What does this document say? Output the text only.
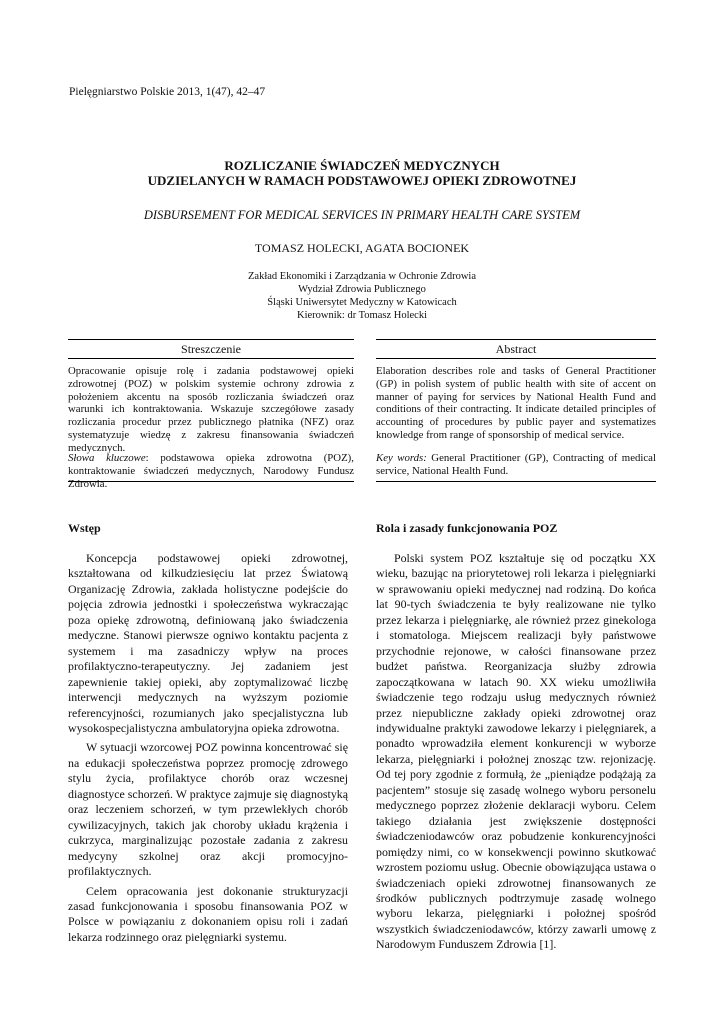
Pielęgniarstwo Polskie 2013, 1(47), 42–47
ROZLICZANIE ŚWIADCZEŃ MEDYCZNYCH
UDZIELANYCH W RAMACH PODSTAWOWEJ OPIEKI ZDROWOTNEJ
DISBURSEMENT FOR MEDICAL SERVICES IN PRIMARY HEALTH CARE SYSTEM
TOMASZ HOLECKI, AGATA BOCIONEK
Zakład Ekonomiki i Zarządzania w Ochronie Zdrowia
Wydział Zdrowia Publicznego
Śląski Uniwersytet Medyczny w Katowicach
Kierownik: dr Tomasz Holecki
Streszczenie	Abstract
Opracowanie opisuje rolę i zadania podstawowej opieki zdrowotnej (POZ) w polskim systemie ochrony zdrowia z położeniem akcentu na sposób rozliczania świadczeń oraz warunki ich kontraktowania. Wskazuje szczegółowe zasady rozliczania procedur przez publicznego płatnika (NFZ) oraz systematyzuje wiedzę z zakresu finansowania świadczeń medycznych.
Elaboration describes role and tasks of General Practitioner (GP) in polish system of public health with site of accent on manner of paying for services by National Health Fund and conditions of their contracting. It indicate detailed principles of accounting of procedures by public payer and systematizes knowledge from range of sponsorship of medical service.
Słowa kluczowe: podstawowa opieka zdrowotna (POZ), kontraktowanie świadczeń medycznych, Narodowy Fundusz Zdrowia.
Key words: General Practitioner (GP), Contracting of medical service, National Health Fund.
Wstęp	Rola i zasady funkcjonowania POZ

Koncepcja podstawowej opieki zdrowotnej, kształtowana od kilkudziesięciu lat przez Światową Organizację Zdrowia, zakłada holistyczne podejście do pojęcia zdrowia jednostki i społeczeństwa wykraczając poza opiekę zdrowotną, definiowaną jako świadczenia medyczne. Stanowi pierwsze ogniwo kontaktu pacjenta z systemem i ma zasadniczy wpływ na proces profilaktyczno-terapeutyczny. Jej zadaniem jest zapewnienie takiej opieki, aby zoptymalizować liczbę interwencji medycznych na wyższym poziomie referencyjności, rozumianych jako specjalistyczna lub wysokospecjalistyczna ambulatoryjna opieka zdrowotna.

W sytuacji wzorcowej POZ powinna koncentrować się na edukacji społeczeństwa poprzez promocję zdrowego stylu życia, profilaktyce chorób oraz wczesnej diagnostyce schorzeń. W praktyce zajmuje się diagnostyką oraz leczeniem schorzeń, w tym przewlekłych chorób cywilizacyjnych, takich jak choroby układu krążenia i cukrzyca, marginalizując pozostałe zadania z zakresu medycyny szkolnej oraz akcji promocyjno-profilaktycznych.

Celem opracowania jest dokonanie strukturyzacji zasad funkcjonowania i sposobu finansowania POZ w Polsce w powiązaniu z dokonaniem opisu roli i zadań lekarza rodzinnego oraz pielęgniarki systemu.

Polski system POZ kształtuje się od początku XX wieku, bazując na priorytetowej roli lekarza i pielęgniarki w sprawowaniu opieki medycznej nad rodziną. Do końca lat 90-tych świadczenia te były realizowane nie tylko przez lekarza i pielęgniarkę, ale również przez ginekologa i stomatologa. Miejscem realizacji były państwowe przychodnie rejonowe, w całości finansowane przez budżet państwa. Reorganizacja służby zdrowia zapoczątkowana w latach 90. XX wieku umożliwiła świadczenie tego rodzaju usług medycznych również przez niepubliczne zakłady opieki zdrowotnej oraz indywidualne praktyki zawodowe lekarzy i pielęgniarek, a ponadto wprowadziła element konkurencji w wyborze lekarza, pielęgniarki i położnej znosząc tzw. rejonizację. Od tej pory zgodnie z formułą, że „pieniądze podążają za pacjentem” stosuje się zasadę wolnego wyboru personelu medycznego poprzez złożenie deklaracji wyboru. Celem takiego działania jest zwiększenie dostępności świadczeniodawców oraz pobudzenie konkurencyjności pomiędzy nimi, co w konsekwencji powinno skutkować wzrostem poziomu usług. Obecnie obowiązująca ustawa o świadczeniach opieki zdrowotnej finansowanych ze środków publicznych podtrzymuje zasadę wolnego wyboru lekarza, pielęgniarki i położnej spośród wszystkich świadczeniodawców, którzy zawarli umowę z Narodowym Funduszem Zdrowia [1].
